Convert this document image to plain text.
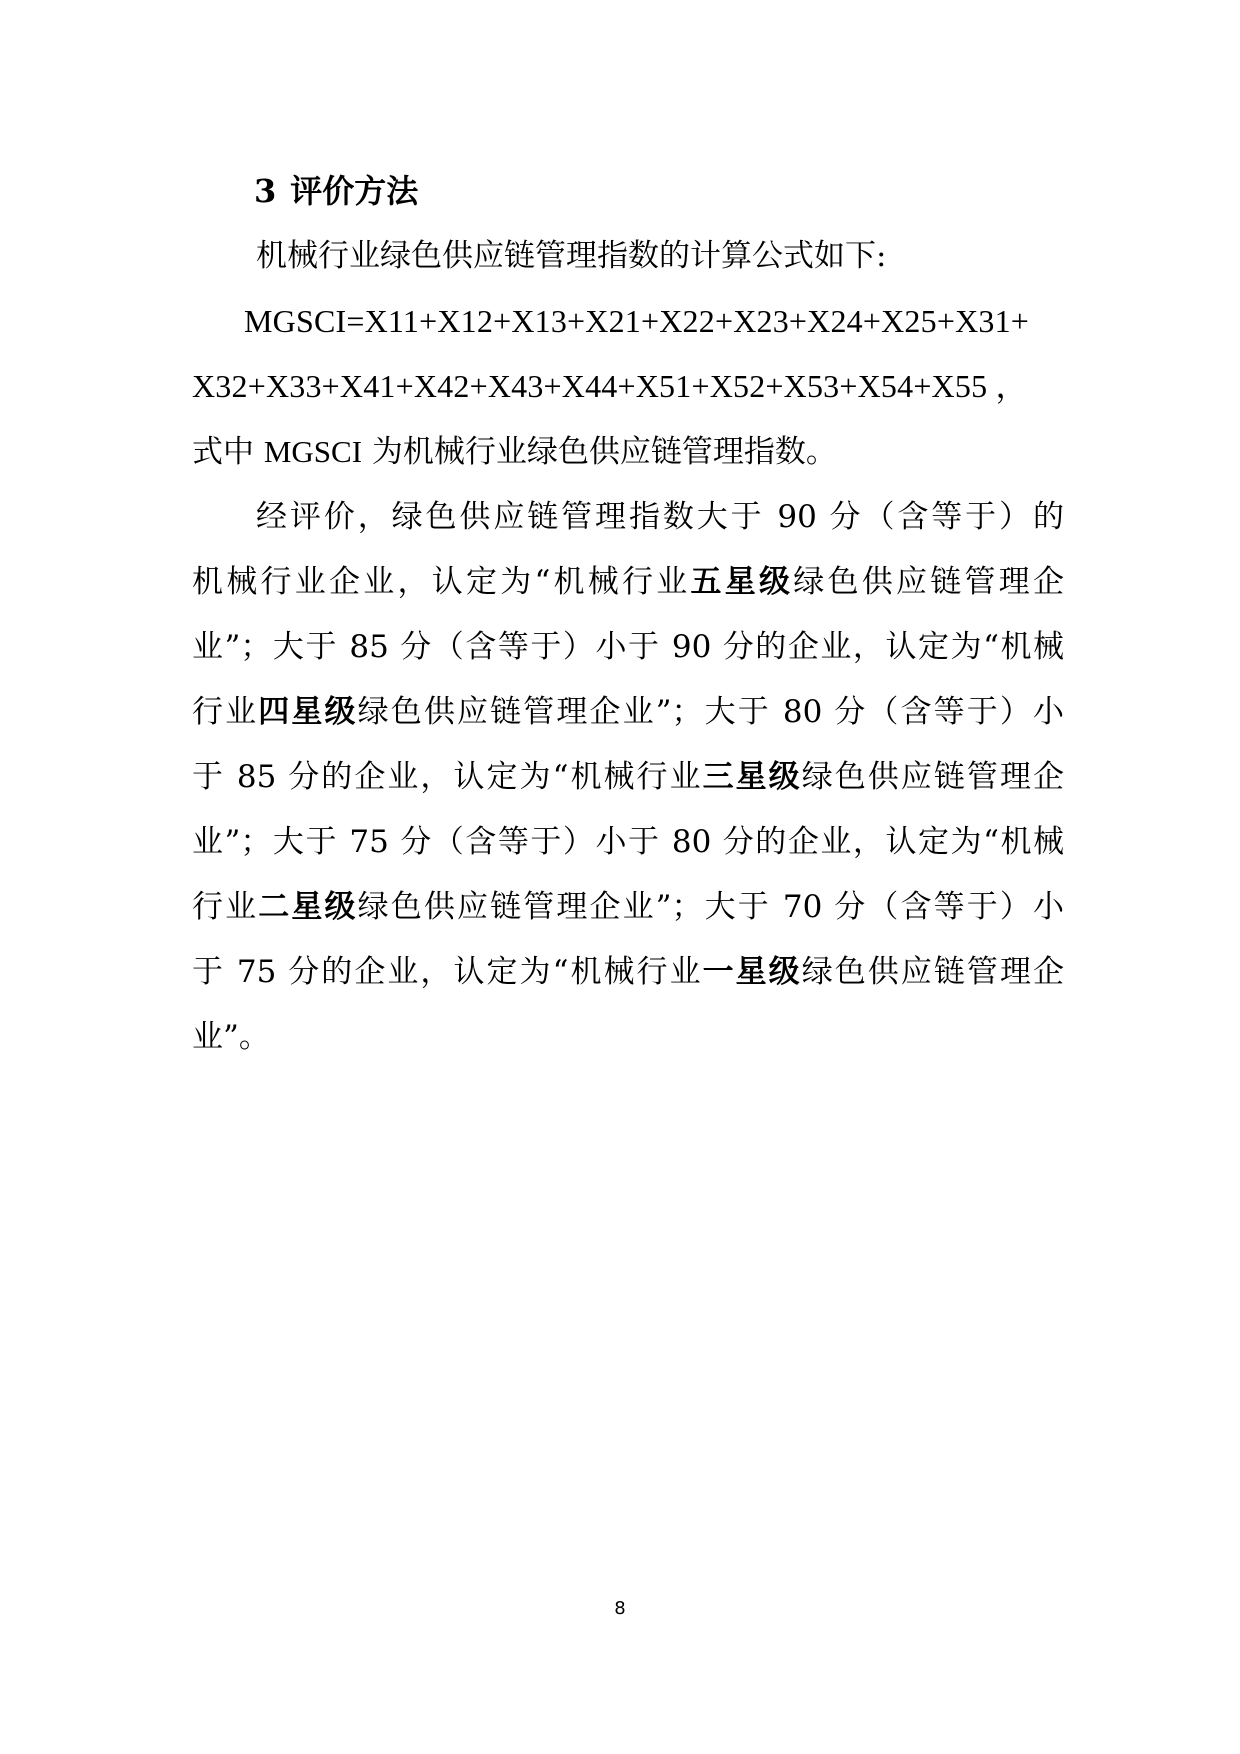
3 评价方法

机械行业绿色供应链管理指数的计算公式如下:

MGSCI=X11+X12+X13+X21+X22+X23+X24+X25+X31+
X32+X33+X41+X42+X43+X44+X51+X52+X53+X54+X55 ，
式中 MGSCI 为机械行业绿色供应链管理指数。
经评价，绿色供应链管理指数大于 90 分（含等于）的
机械行业企业，认定为“机械行业五星级绿色供应链管理企
业”；大于 85 分（含等于）小于 90 分的企业，认定为“机械
行业四星级绿色供应链管理企业”；大于 80 分（含等于）小
于 85 分的企业，认定为“机械行业三星级绿色供应链管理企
业”；大于 75 分（含等于）小于 80 分的企业，认定为“机械
行业二星级绿色供应链管理企业”；大于 70 分（含等于）小
于 75 分的企业，认定为“机械行业一星级绿色供应链管理企
业”。
8
